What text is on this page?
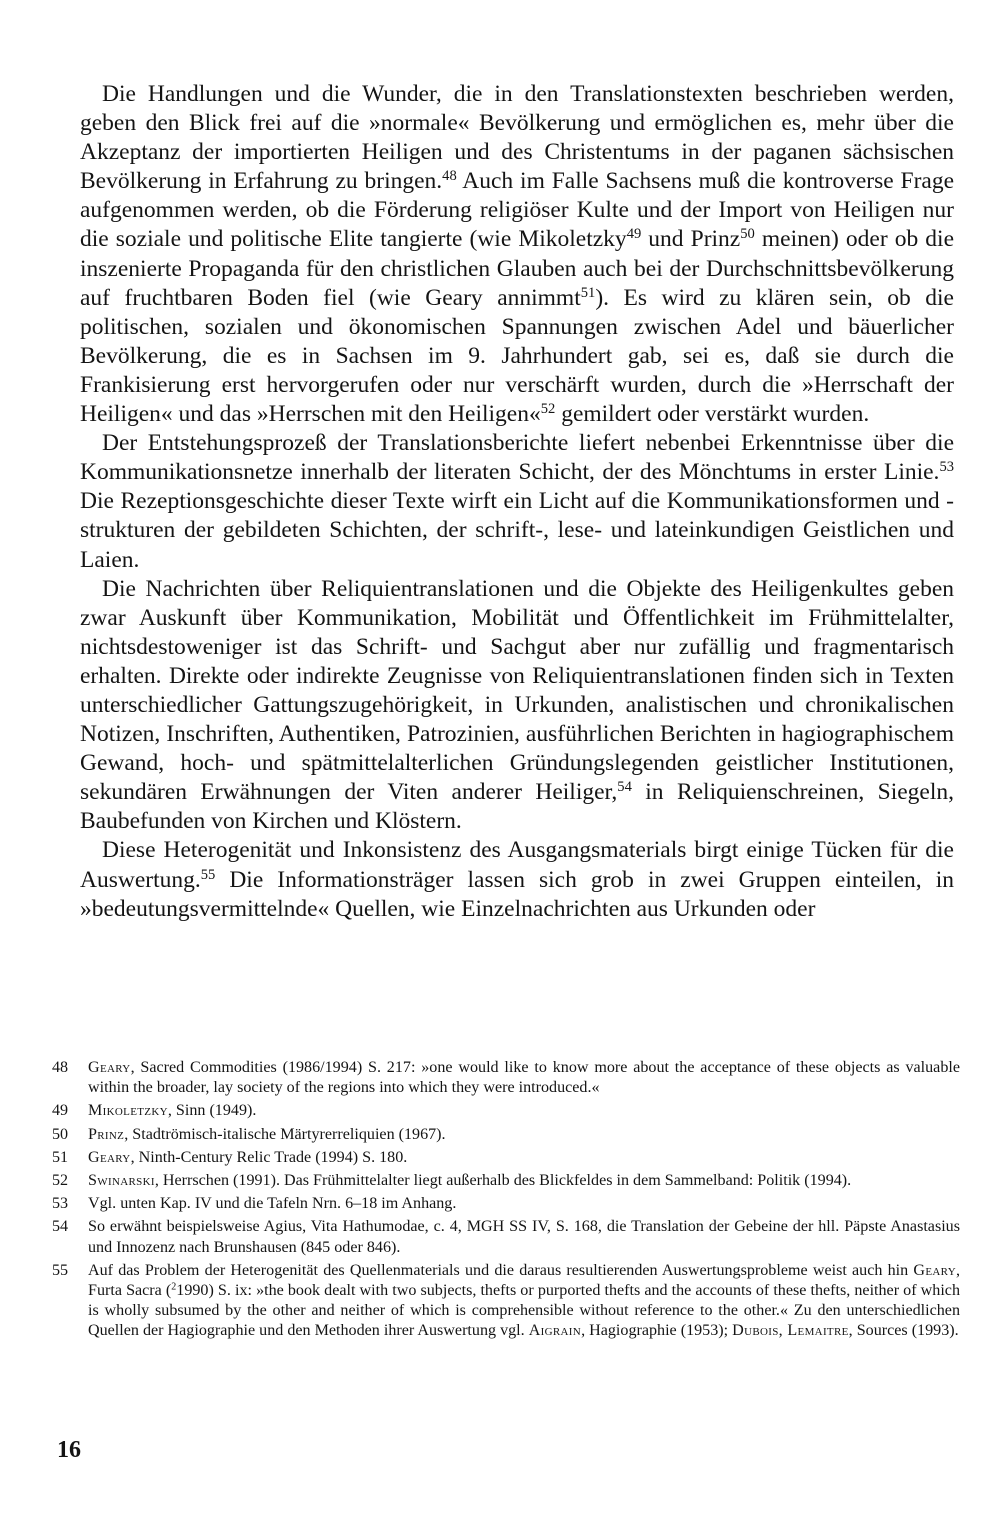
Die Handlungen und die Wunder, die in den Translationstexten beschrieben werden, geben den Blick frei auf die »normale« Bevölkerung und ermöglichen es, mehr über die Akzeptanz der importierten Heiligen und des Christentums in der paganen sächsischen Bevölkerung in Erfahrung zu bringen.$^{48}$ Auch im Falle Sachsens muß die kontroverse Frage aufgenommen werden, ob die Förderung religiöser Kulte und der Import von Heiligen nur die soziale und politische Elite tangierte (wie Mikoletzky$^{49}$ und Prinz$^{50}$ meinen) oder ob die inszenierte Propaganda für den christlichen Glauben auch bei der Durchschnittsbevölkerung auf fruchtbaren Boden fiel (wie Geary annimmt$^{51}$). Es wird zu klären sein, ob die politischen, sozialen und ökonomischen Spannungen zwischen Adel und bäuerlicher Bevölkerung, die es in Sachsen im 9. Jahrhundert gab, sei es, daß sie durch die Frankisierung erst hervorgerufen oder nur verschärft wurden, durch die »Herrschaft der Heiligen« und das »Herrschen mit den Heiligen«$^{52}$ gemildert oder verstärkt wurden.

Der Entstehungsprozeß der Translationsberichte liefert nebenbei Erkenntnisse über die Kommunikationsnetze innerhalb der literaten Schicht, der des Mönchtums in erster Linie.$^{53}$ Die Rezeptionsgeschichte dieser Texte wirft ein Licht auf die Kommunikationsformen und -strukturen der gebildeten Schichten, der schrift-, lese- und lateinkundigen Geistlichen und Laien.

Die Nachrichten über Reliquientranslationen und die Objekte des Heiligenkultes geben zwar Auskunft über Kommunikation, Mobilität und Öffentlichkeit im Frühmittelalter, nichtsdestoweniger ist das Schrift- und Sachgut aber nur zufällig und fragmentarisch erhalten. Direkte oder indirekte Zeugnisse von Reliquientranslationen finden sich in Texten unterschiedlicher Gattungszugehörigkeit, in Urkunden, analistischen und chronikalischen Notizen, Inschriften, Authentiken, Patrozinien, ausführlichen Berichten in hagiographischem Gewand, hoch- und spätmittelalterlichen Gründungslegenden geistlicher Institutionen, sekundären Erwähnungen der Viten anderer Heiliger,$^{54}$ in Reliquienschreinen, Siegeln, Baubefunden von Kirchen und Klöstern.

Diese Heterogenität und Inkonsistenz des Ausgangsmaterials birgt einige Tücken für die Auswertung.$^{55}$ Die Informationsträger lassen sich grob in zwei Gruppen einteilen, in »bedeutungsvermittelnde« Quellen, wie Einzelnachrichten aus Urkunden oder

48	Geary, Sacred Commodities (1986/1994) S. 217: »one would like to know more about the acceptance of these objects as valuable within the broader, lay society of the regions into which they were introduced.«
49	Mikoletzky, Sinn (1949).
50	Prinz, Stadtrömisch-italische Märtyrerreliquien (1967).
51	Geary, Ninth-Century Relic Trade (1994) S. 180.
52	Swinarski, Herrschen (1991). Das Frühmittelalter liegt außerhalb des Blickfeldes in dem Sammelband: Politik (1994).
53	Vgl. unten Kap. IV und die Tafeln Nrn. 6–18 im Anhang.
54	So erwähnt beispielsweise Agius, Vita Hathumodae, c. 4, MGH SS IV, S. 168, die Translation der Gebeine der hll. Päpste Anastasius und Innozenz nach Brunshausen (845 oder 846).
55	Auf das Problem der Heterogenität des Quellenmaterials und die daraus resultierenden Auswertungsprobleme weist auch hin Geary, Furta Sacra ($^2$1990) S. ix: »the book dealt with two subjects, thefts or purported thefts and the accounts of these thefts, neither of which is wholly subsumed by the other and neither of which is comprehensible without reference to the other.« Zu den unterschiedlichen Quellen der Hagiographie und den Methoden ihrer Auswertung vgl. Aigrain, Hagiographie (1953); Dubois, Lemaitre, Sources (1993).
16
